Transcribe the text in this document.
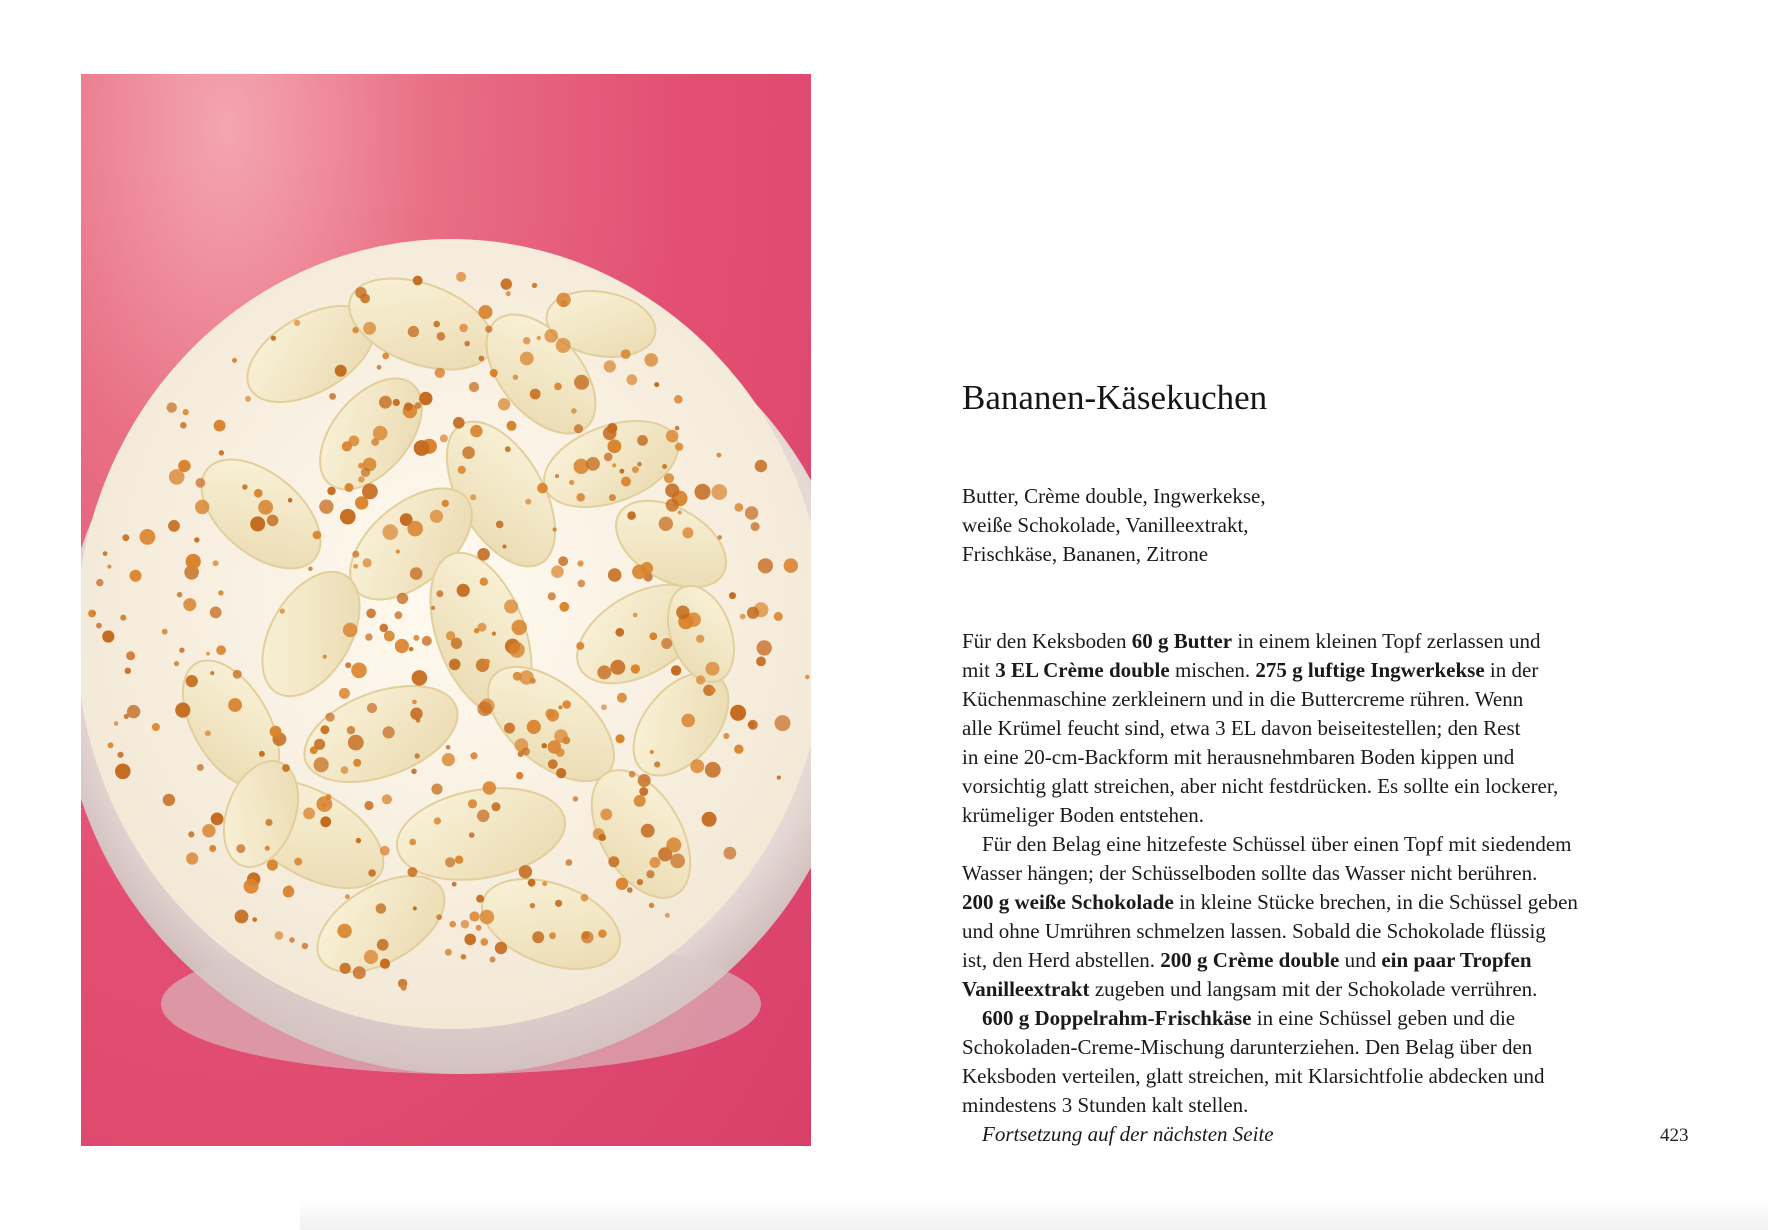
Bananen-Käsekuchen
Butter, Crème double, Ingwerkekse,
weiße Schokolade, Vanilleextrakt,
Frischkäse, Bananen, Zitrone
Für den Keksboden 60 g Butter in einem kleinen Topf zerlassen und
mit 3 EL Crème double mischen. 275 g luftige Ingwerkekse in der
Küchenmaschine zerkleinern und in die Buttercreme rühren. Wenn
alle Krümel feucht sind, etwa 3 EL davon beiseitestellen; den Rest
in eine 20-cm-Backform mit herausnehmbaren Boden kippen und
vorsichtig glatt streichen, aber nicht festdrücken. Es sollte ein lockerer,
krümeliger Boden entstehen.
Für den Belag eine hitzefeste Schüssel über einen Topf mit siedendem
Wasser hängen; der Schüsselboden sollte das Wasser nicht berühren.
200 g weiße Schokolade in kleine Stücke brechen, in die Schüssel geben
und ohne Umrühren schmelzen lassen. Sobald die Schokolade flüssig
ist, den Herd abstellen. 200 g Crème double und ein paar Tropfen
Vanilleextrakt zugeben und langsam mit der Schokolade verrühren.
600 g Doppelrahm-Frischkäse in eine Schüssel geben und die
Schokoladen-Creme-Mischung darunterziehen. Den Belag über den
Keksboden verteilen, glatt streichen, mit Klarsichtfolie abdecken und
mindestens 3 Stunden kalt stellen.
Fortsetzung auf der nächsten Seite	423
